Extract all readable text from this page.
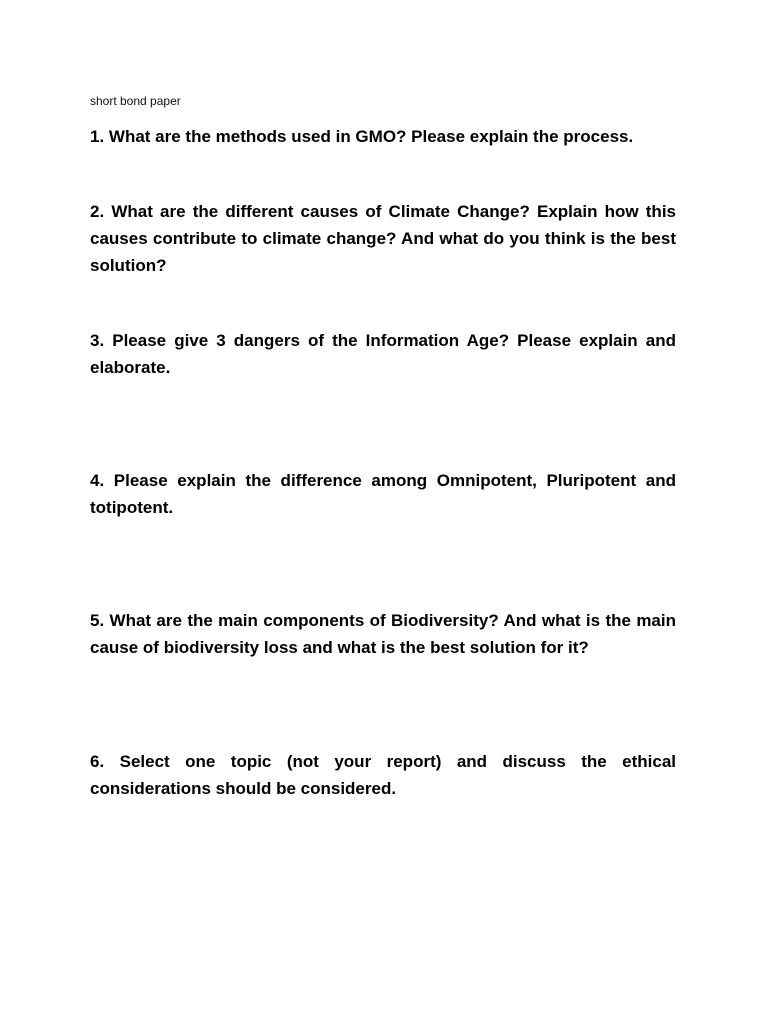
short bond paper

1. What are the methods used in GMO? Please explain the process.

2. What are the different causes of Climate Change? Explain how this causes contribute to climate change? And what do you think is the best solution?

3. Please give 3 dangers of the Information Age? Please explain and elaborate.

4. Please explain the difference among Omnipotent, Pluripotent and totipotent.

5. What are the main components of Biodiversity? And what is the main cause of biodiversity loss and what is the best solution for it?

6. Select one topic (not your report) and discuss the ethical considerations should be considered.
